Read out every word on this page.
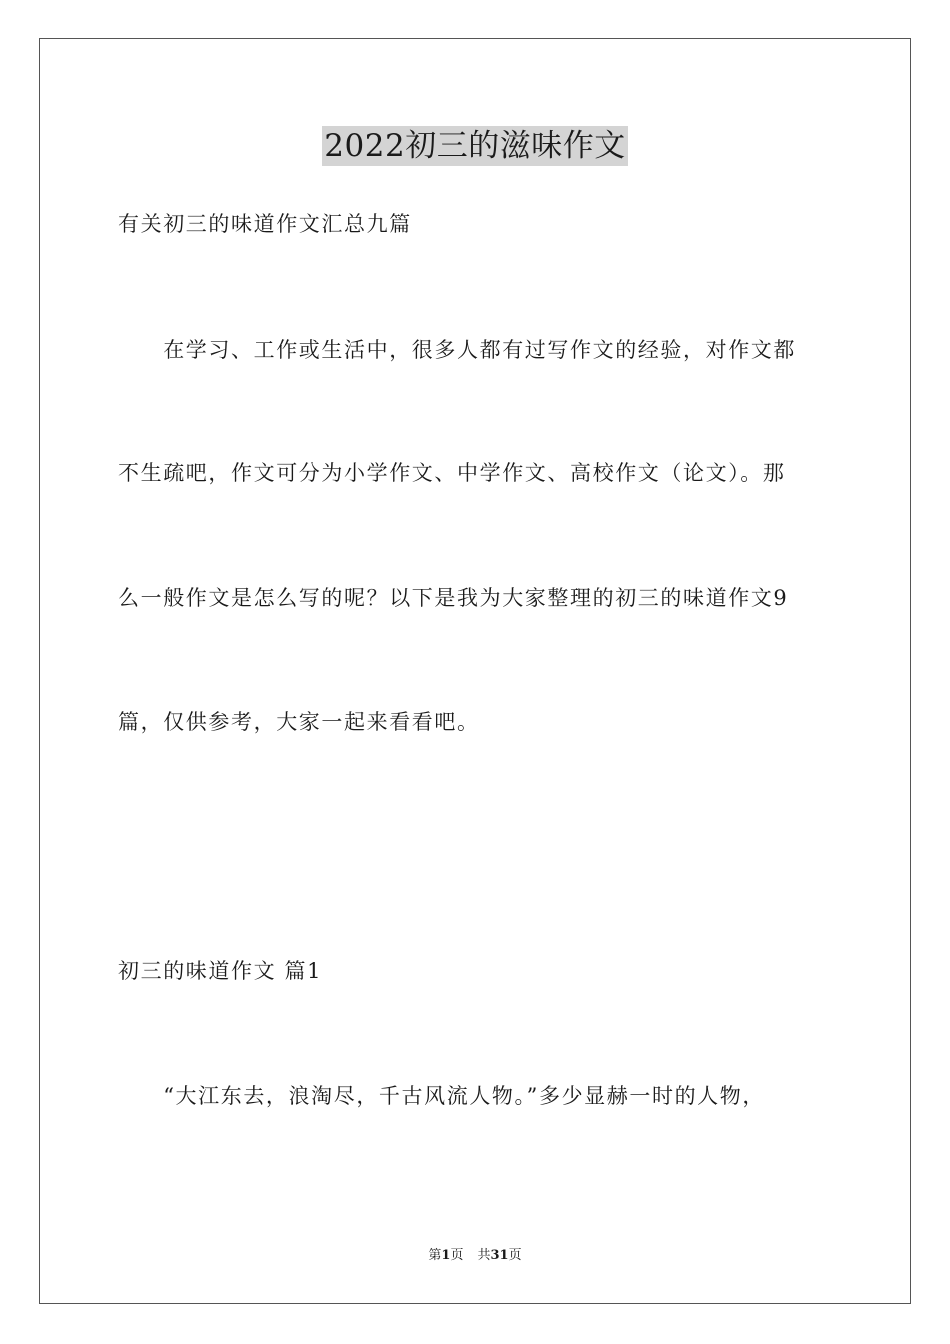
2022初三的滋味作文
有关初三的味道作文汇总九篇
　　在学习、工作或生活中，很多人都有过写作文的经验，对作文都
不生疏吧，作文可分为小学作文、中学作文、高校作文（论文）。那
么一般作文是怎么写的呢？以下是我为大家整理的初三的味道作文9
篇，仅供参考，大家一起来看看吧。
初三的味道作文 篇1
　　“大江东去，浪淘尽，千古风流人物。”多少显赫一时的人物，
第1页 共31页
